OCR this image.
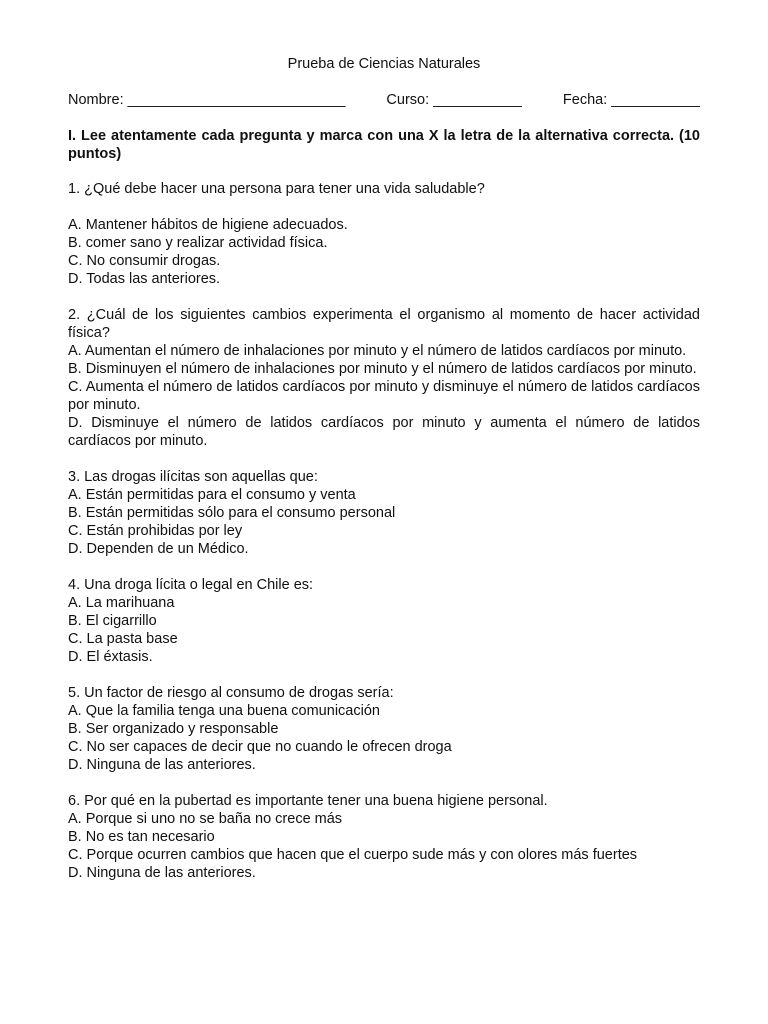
Prueba de Ciencias Naturales
Nombre: ___________________________	Curso: ___________	Fecha: ___________
I. Lee atentamente cada pregunta y marca con una X la letra de la alternativa correcta. (10 puntos)
1. ¿Qué debe hacer una persona para tener una vida saludable?
A. Mantener hábitos de higiene adecuados.
B. comer sano y realizar actividad física.
C. No consumir drogas.
D. Todas las anteriores.
2. ¿Cuál de los siguientes cambios experimenta el organismo al momento de hacer actividad física?
A. Aumentan el número de inhalaciones por minuto y el número de latidos cardíacos por minuto.
B. Disminuyen el número de inhalaciones por minuto y el número de latidos cardíacos por minuto.
C. Aumenta el número de latidos cardíacos por minuto y disminuye el número de latidos cardíacos por minuto.
D. Disminuye el número de latidos cardíacos por minuto y aumenta el número de latidos cardíacos por minuto.
3. Las drogas ilícitas son aquellas que:
A. Están permitidas para el consumo y venta
B. Están permitidas sólo para el consumo personal
C. Están prohibidas por ley
D. Dependen de un Médico.
4. Una droga lícita o legal en Chile es:
A. La marihuana
B. El cigarrillo
C. La pasta base
D. El éxtasis.
5. Un factor de riesgo al consumo de drogas sería:
A. Que la familia tenga una buena comunicación
B. Ser organizado y responsable
C. No ser capaces de decir que no cuando le ofrecen droga
D. Ninguna de las anteriores.
6. Por qué en la pubertad es importante tener una buena higiene personal.
A. Porque si uno no se baña no crece más
B. No es tan necesario
C. Porque ocurren cambios que hacen que el cuerpo sude más y con olores más fuertes
D. Ninguna de las anteriores.
